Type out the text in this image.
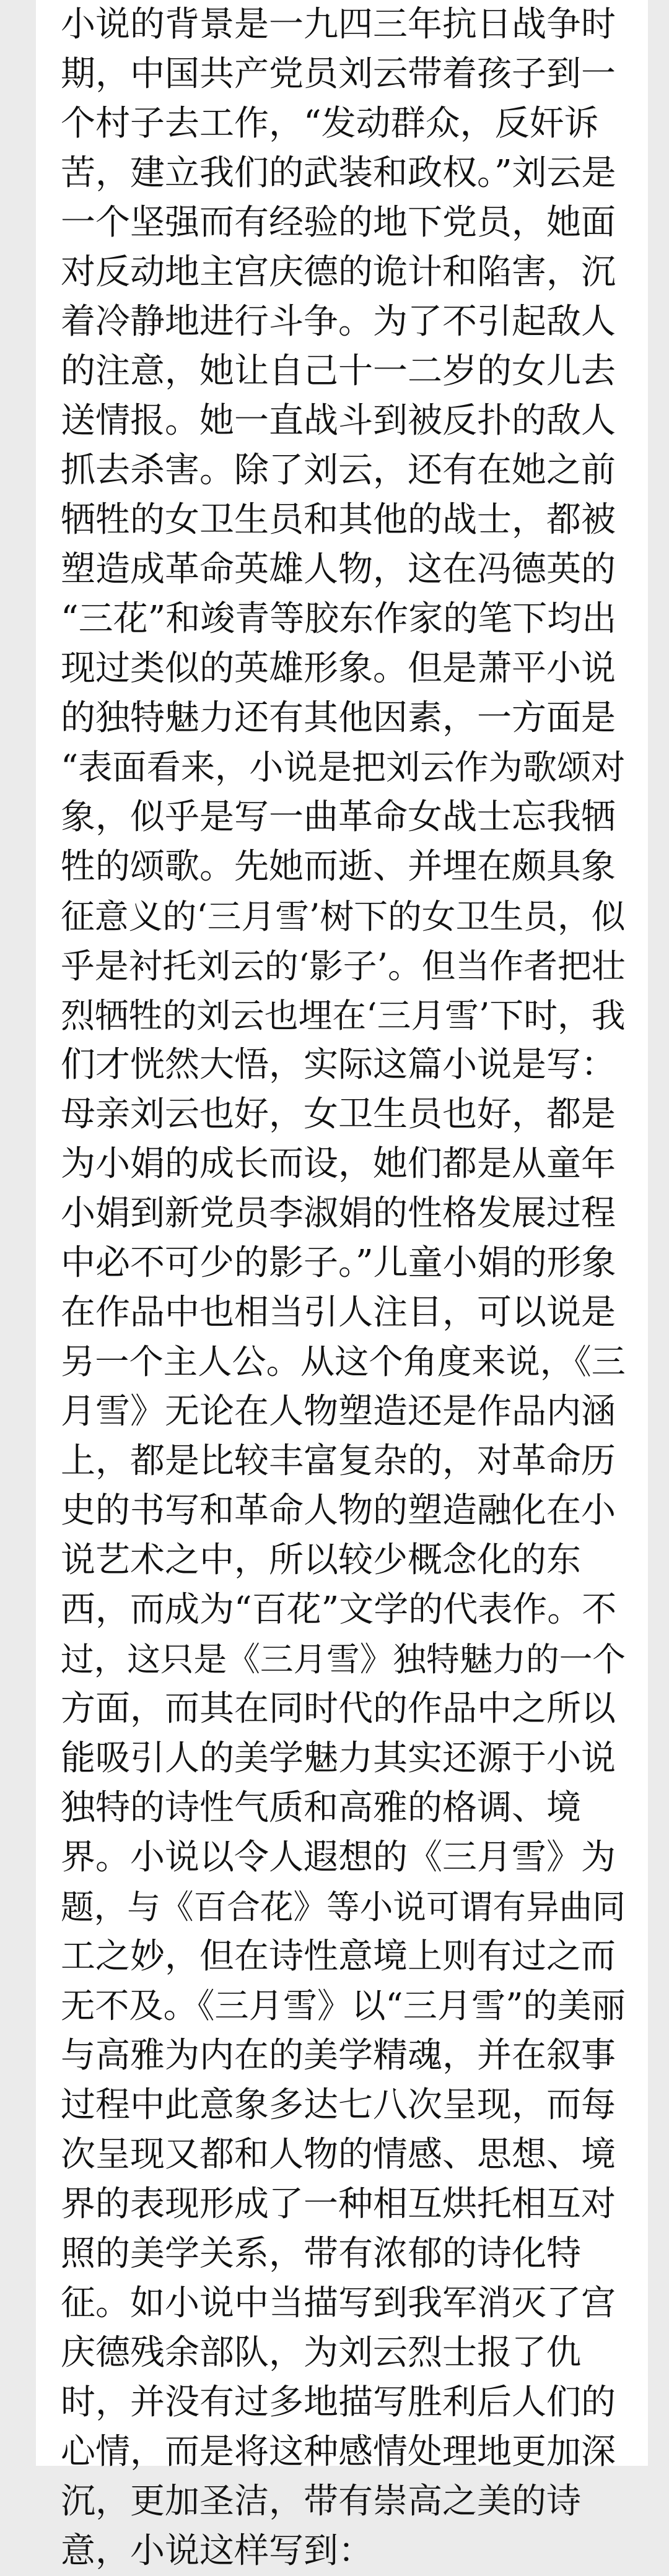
小说的背景是一九四三年抗日战争时
期，中国共产党员刘云带着孩子到一
个村子去工作，“发动群众，反奸诉
苦，建立我们的武装和政权。”刘云是
一个坚强而有经验的地下党员，她面
对反动地主宫庆德的诡计和陷害，沉
着冷静地进行斗争。为了不引起敌人
的注意，她让自己十一二岁的女儿去
送情报。她一直战斗到被反扑的敌人
抓去杀害。除了刘云，还有在她之前
牺牲的女卫生员和其他的战士，都被
塑造成革命英雄人物，这在冯德英的
“三花”和竣青等胶东作家的笔下均出
现过类似的英雄形象。但是萧平小说
的独特魅力还有其他因素，一方面是
“表面看来，小说是把刘云作为歌颂对
象，似乎是写一曲革命女战士忘我牺
牲的颂歌。先她而逝、并埋在颇具象
征意义的‘三月雪’树下的女卫生员，似
乎是衬托刘云的‘影子’。但当作者把壮
烈牺牲的刘云也埋在‘三月雪’下时，我
们才恍然大悟，实际这篇小说是写：
母亲刘云也好，女卫生员也好，都是
为小娟的成长而设，她们都是从童年
小娟到新党员李淑娟的性格发展过程
中必不可少的影子。”儿童小娟的形象
在作品中也相当引人注目，可以说是
另一个主人公。从这个角度来说，《三
月雪》无论在人物塑造还是作品内涵
上，都是比较丰富复杂的，对革命历
史的书写和革命人物的塑造融化在小
说艺术之中，所以较少概念化的东
西，而成为“百花”文学的代表作。不
过，这只是《三月雪》独特魅力的一个
方面，而其在同时代的作品中之所以
能吸引人的美学魅力其实还源于小说
独特的诗性气质和高雅的格调、境
界。小说以令人遐想的《三月雪》为
题，与《百合花》等小说可谓有异曲同
工之妙，但在诗性意境上则有过之而
无不及。《三月雪》以“三月雪”的美丽
与高雅为内在的美学精魂，并在叙事
过程中此意象多达七八次呈现，而每
次呈现又都和人物的情感、思想、境
界的表现形成了一种相互烘托相互对
照的美学关系，带有浓郁的诗化特
征。如小说中当描写到我军消灭了宫
庆德残余部队，为刘云烈士报了仇
时，并没有过多地描写胜利后人们的
心情，而是将这种感情处理地更加深
沉，更加圣洁，带有崇高之美的诗
意，小说这样写到：
